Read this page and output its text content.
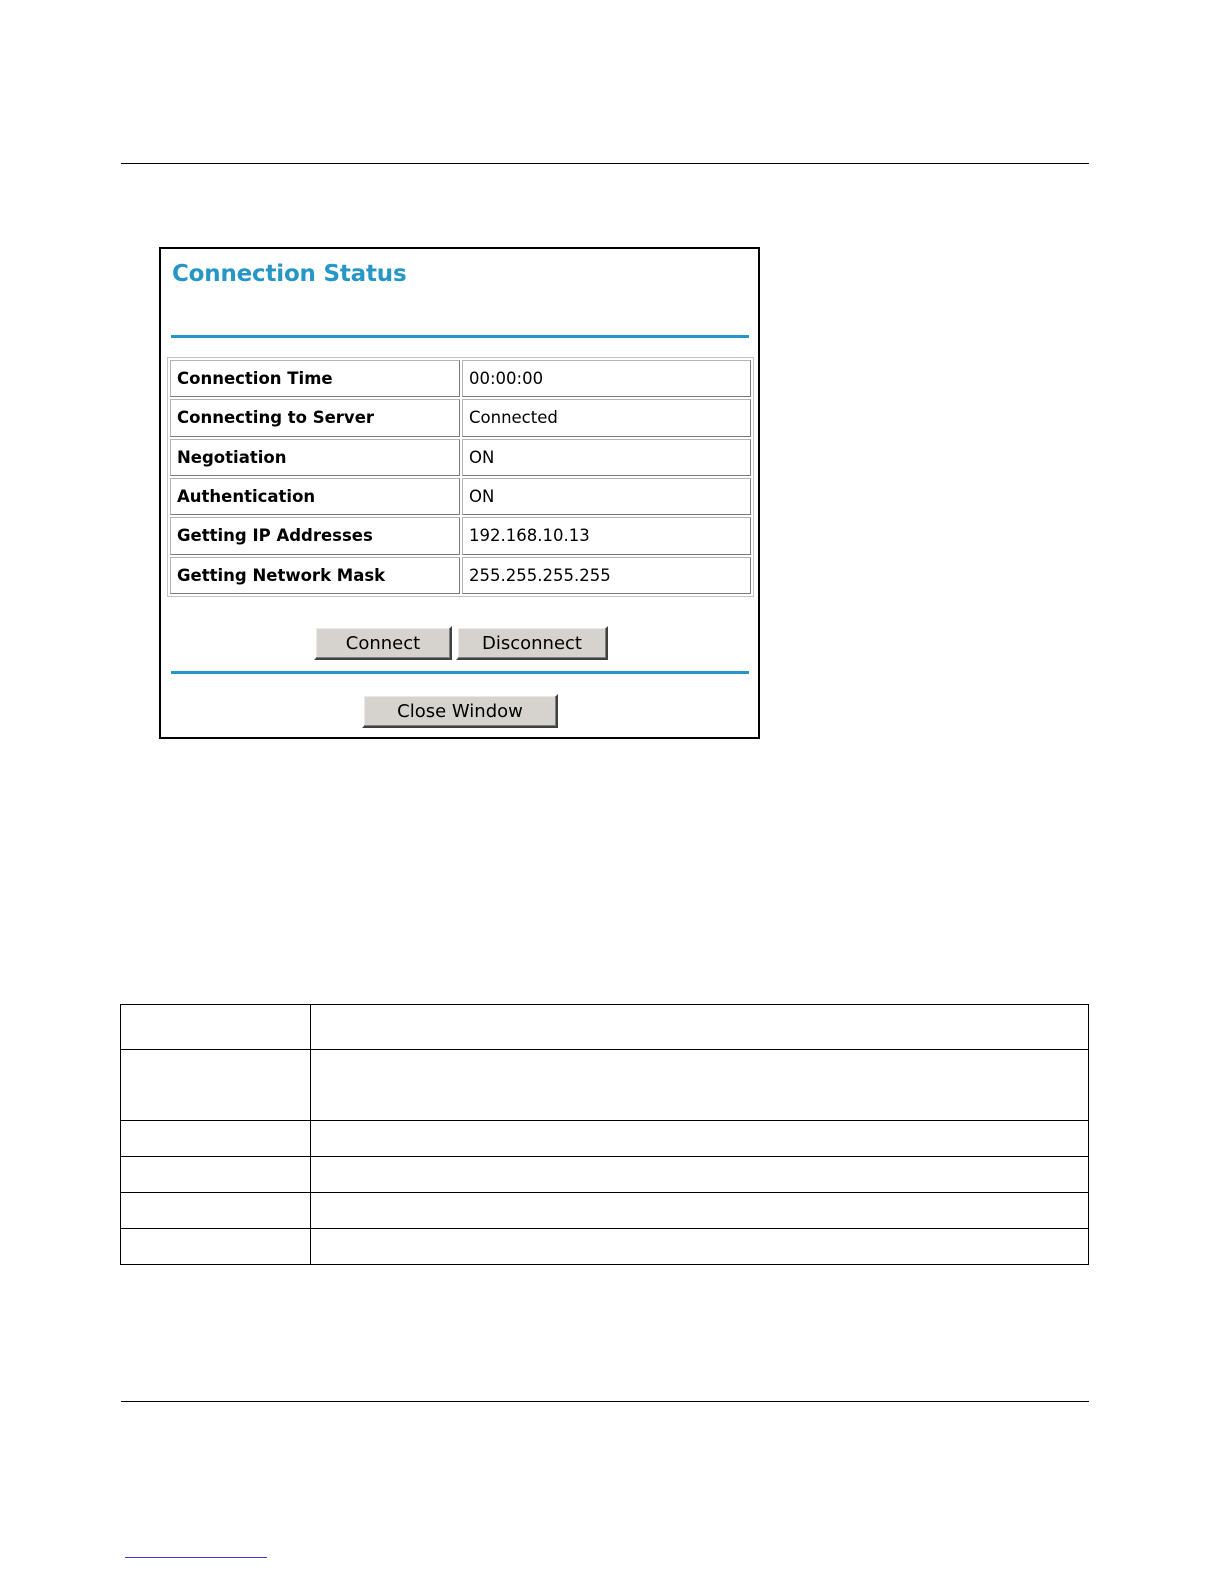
Connection Status
Connection Time	00:00:00
Connecting to Server	Connected
Negotiation	ON
Authentication	ON
Getting IP Addresses	192.168.10.13
Getting Network Mask	255.255.255.255
Connect	Disconnect
Close Window
